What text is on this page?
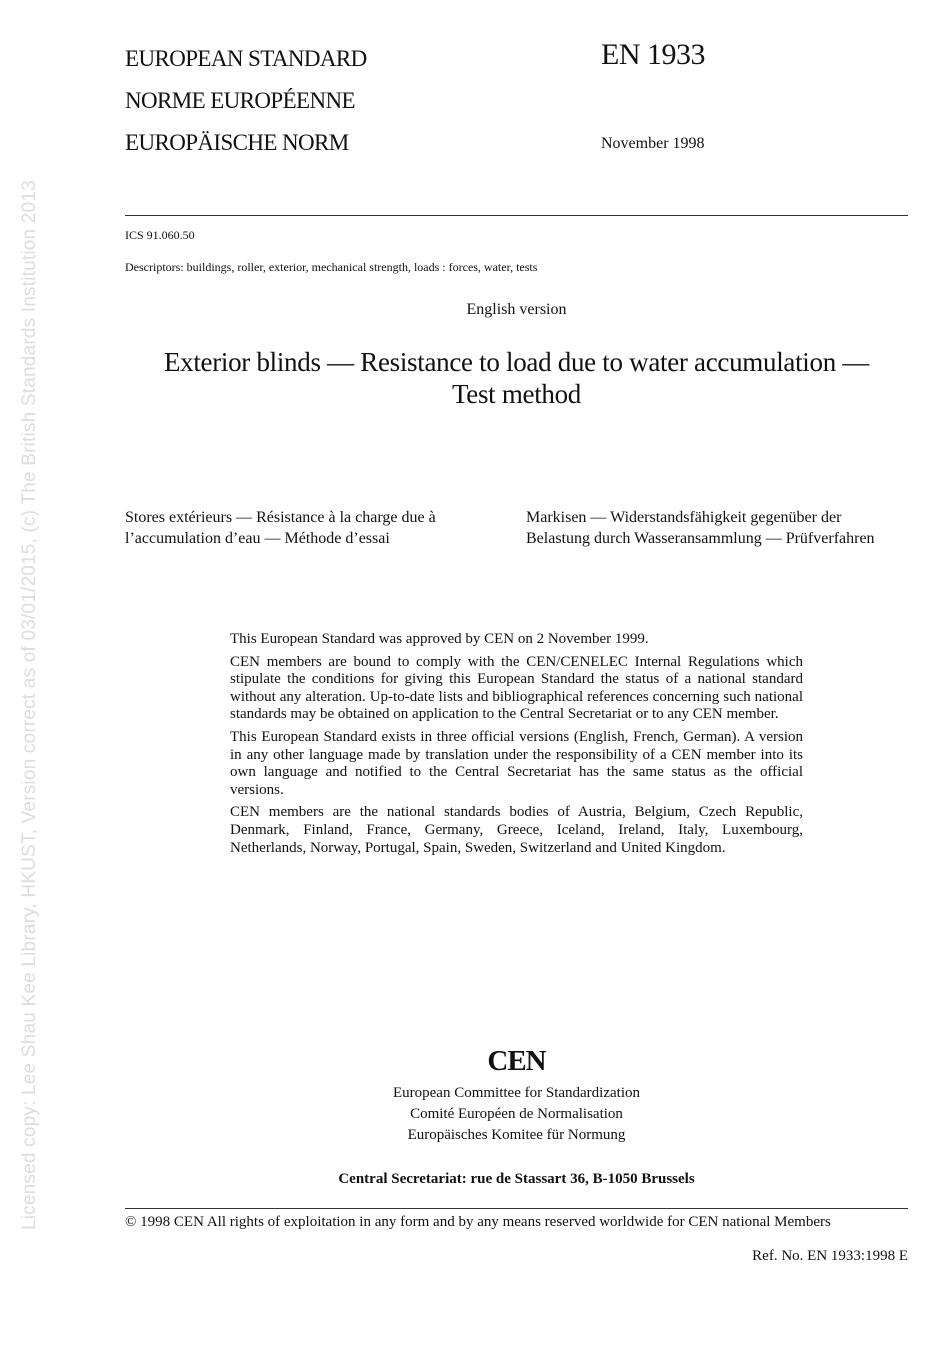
Licensed copy: Lee Shau Kee Library, HKUST, Version correct as of 03/01/2015, (c) The British Standards Institution 2013
EUROPEAN STANDARD
NORME EUROPÉENNE
EUROPÄISCHE NORM
EN 1933
November 1998
ICS 91.060.50
Descriptors: buildings, roller, exterior, mechanical strength, loads : forces, water, tests
English version
Exterior blinds — Resistance to load due to water accumulation —
Test method
Stores extérieurs — Résistance à la charge due à l’accumulation d’eau — Méthode d’essai
Markisen — Widerstandsfähigkeit gegenüber der Belastung durch Wasseransammlung — Prüfverfahren

This European Standard was approved by CEN on 2 November 1999.

CEN members are bound to comply with the CEN/CENELEC Internal Regulations which stipulate the conditions for giving this European Standard the status of a national standard without any alteration. Up-to-date lists and bibliographical references concerning such national standards may be obtained on application to the Central Secretariat or to any CEN member.

This European Standard exists in three official versions (English, French, German). A version in any other language made by translation under the responsibility of a CEN member into its own language and notified to the Central Secretariat has the same status as the official versions.

CEN members are the national standards bodies of Austria, Belgium, Czech Republic, Denmark, Finland, France, Germany, Greece, Iceland, Ireland, Italy, Luxembourg, Netherlands, Norway, Portugal, Spain, Sweden, Switzerland and United Kingdom.

CEN
European Committee for Standardization
Comité Européen de Normalisation
Europäisches Komitee für Normung
Central Secretariat: rue de Stassart 36, B-1050 Brussels
© 1998 CEN All rights of exploitation in any form and by any means reserved worldwide for CEN national Members
Ref. No. EN 1933:1998 E
